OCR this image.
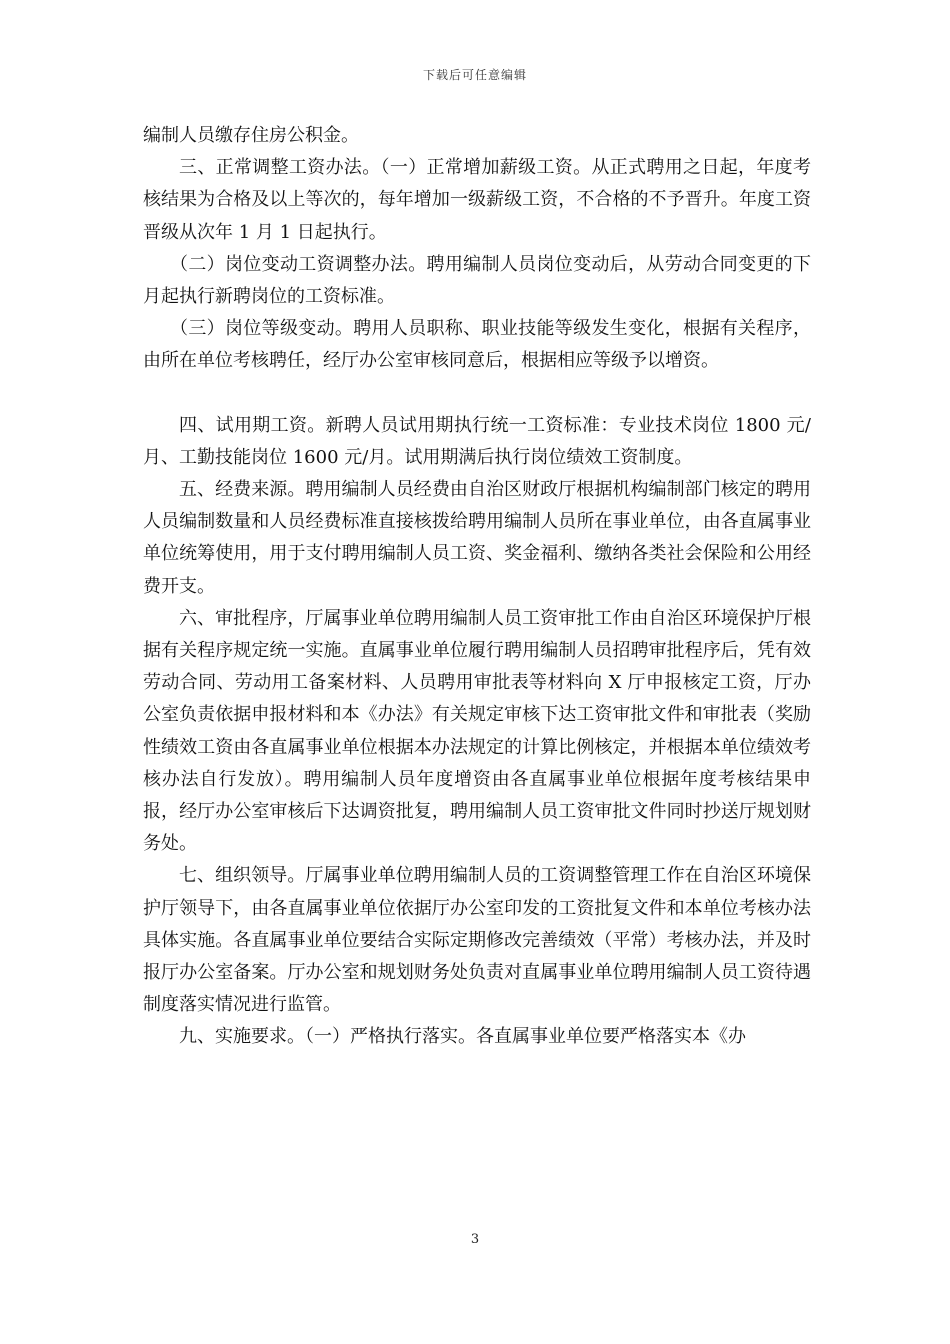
下载后可任意编辑

编制人员缴存住房公积金。

三、正常调整工资办法。（一）正常增加薪级工资。从正式聘用之日起，年度考核结果为合格及以上等次的，每年增加一级薪级工资，不合格的不予晋升。年度工资晋级从次年 1 月 1 日起执行。

（二）岗位变动工资调整办法。聘用编制人员岗位变动后，从劳动合同变更的下月起执行新聘岗位的工资标准。

（三）岗位等级变动。聘用人员职称、职业技能等级发生变化，根据有关程序，由所在单位考核聘任，经厅办公室审核同意后，根据相应等级予以增资。

四、试用期工资。新聘人员试用期执行统一工资标准：专业技术岗位 1800 元/月、工勤技能岗位 1600 元/月。试用期满后执行岗位绩效工资制度。

五、经费来源。聘用编制人员经费由自治区财政厅根据机构编制部门核定的聘用人员编制数量和人员经费标准直接核拨给聘用编制人员所在事业单位，由各直属事业单位统筹使用，用于支付聘用编制人员工资、奖金福利、缴纳各类社会保险和公用经费开支。

六、审批程序，厅属事业单位聘用编制人员工资审批工作由自治区环境保护厅根据有关程序规定统一实施。直属事业单位履行聘用编制人员招聘审批程序后，凭有效劳动合同、劳动用工备案材料、人员聘用审批表等材料向 X 厅申报核定工资，厅办公室负责依据申报材料和本《办法》有关规定审核下达工资审批文件和审批表（奖励性绩效工资由各直属事业单位根据本办法规定的计算比例核定，并根据本单位绩效考核办法自行发放）。聘用编制人员年度增资由各直属事业单位根据年度考核结果申报，经厅办公室审核后下达调资批复，聘用编制人员工资审批文件同时抄送厅规划财务处。

七、组织领导。厅属事业单位聘用编制人员的工资调整管理工作在自治区环境保护厅领导下，由各直属事业单位依据厅办公室印发的工资批复文件和本单位考核办法具体实施。各直属事业单位要结合实际定期修改完善绩效（平常）考核办法，并及时报厅办公室备案。厅办公室和规划财务处负责对直属事业单位聘用编制人员工资待遇制度落实情况进行监管。

九、实施要求。（一）严格执行落实。各直属事业单位要严格落实本《办

3
